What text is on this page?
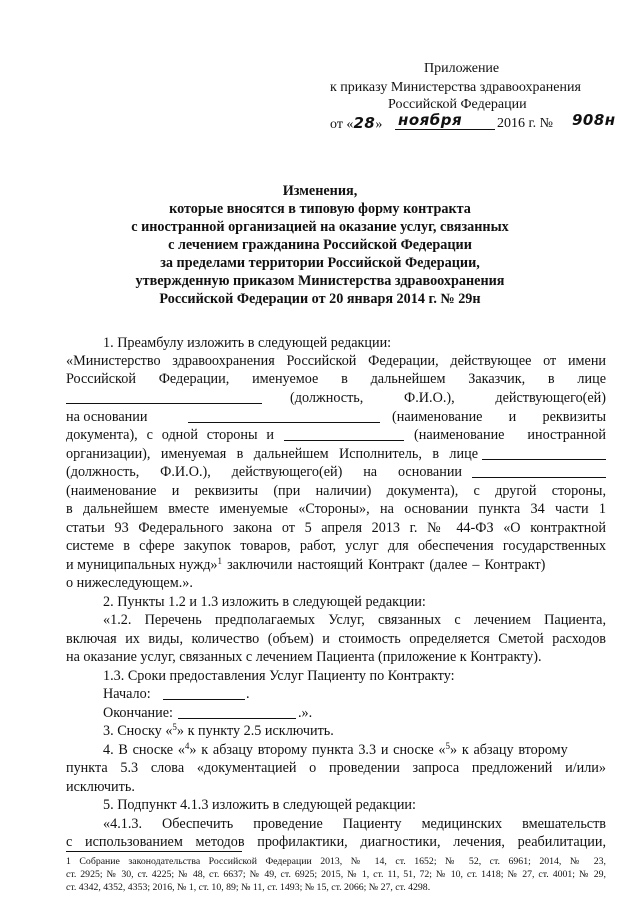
Приложение
к приказу Министерства здравоохранения
Российской Федерации
от «28» ноября 2016 г. № 908н
Изменения,
которые вносятся в типовую форму контракта
с иностранной организацией на оказание услуг, связанных
с лечением гражданина Российской Федерации
за пределами территории Российской Федерации,
утвержденную приказом Министерства здравоохранения
Российской Федерации от 20 января 2014 г. № 29н
1. Преамбулу изложить в следующей редакции:
«Министерство здравоохранения Российской Федерации, действующее от имени
Российской Федерации, именуемое в дальнейшем Заказчик, в лице
(должность, Ф.И.О.), действующего(ей)
на основании	(наименование и реквизиты
документа), с одной стороны и	(наименование иностранной
организации), именуемая в дальнейшем Исполнитель, в лице
(должность, Ф.И.О.), действующего(ей) на основании
(наименование и реквизиты (при наличии) документа), с другой стороны,
в дальнейшем вместе именуемые «Стороны», на основании пункта 34 части 1
статьи 93 Федерального закона от 5 апреля 2013 г. № 44-ФЗ «О контрактной
системе в сфере закупок товаров, работ, услуг для обеспечения государственных
и муниципальных нужд»$^1$ заключили настоящий Контракт (далее – Контракт)
о нижеследующем.».
2. Пункты 1.2 и 1.3 изложить в следующей редакции:
«1.2. Перечень предполагаемых Услуг, связанных с лечением Пациента,
включая их виды, количество (объем) и стоимость определяется Сметой расходов
на оказание услуг, связанных с лечением Пациента (приложение к Контракту).
1.3. Сроки предоставления Услуг Пациенту по Контракту:
Начало:	.
Окончание:	.».
3. Сноску «$^5$» к пункту 2.5 исключить.
4. В сноске «$^4$» к абзацу второму пункта 3.3 и сноске «$^5$» к абзацу второму
пункта 5.3 слова «документацией о проведении запроса предложений и/или»
исключить.
5. Подпункт 4.1.3 изложить в следующей редакции:
«4.1.3. Обеспечить проведение Пациенту медицинских вмешательств
с использованием методов профилактики, диагностики, лечения, реабилитации,
1 Собрание законодательства Российской Федерации 2013, № 14, ст. 1652; № 52, ст. 6961; 2014, № 23,
ст. 2925; № 30, ст. 4225; № 48, ст. 6637; № 49, ст. 6925; 2015, № 1, ст. 11, 51, 72; № 10, ст. 1418; № 27, ст. 4001; № 29,
ст. 4342, 4352, 4353; 2016, № 1, ст. 10, 89; № 11, ст. 1493; № 15, ст. 2066; № 27, ст. 4298.
